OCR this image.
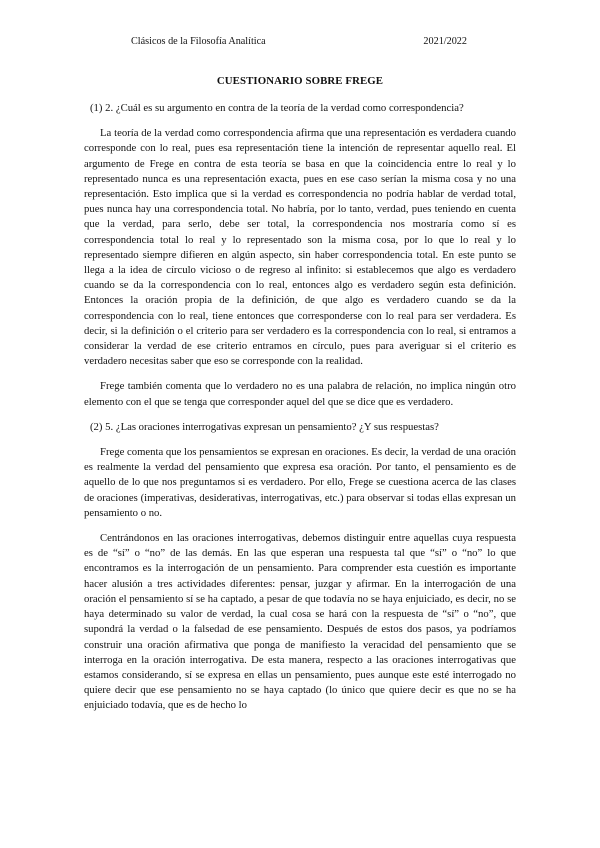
Clásicos de la Filosofía Analítica	2021/2022
CUESTIONARIO SOBRE FREGE

(1) 2. ¿Cuál es su argumento en contra de la teoría de la verdad como correspondencia?

La teoría de la verdad como correspondencia afirma que una representación es verdadera cuando corresponde con lo real, pues esa representación tiene la intención de representar aquello real. El argumento de Frege en contra de esta teoría se basa en que la coincidencia entre lo real y lo representado nunca es una representación exacta, pues en ese caso serían la misma cosa y no una representación. Esto implica que si la verdad es correspondencia no podría hablar de verdad total, pues nunca hay una correspondencia total. No habría, por lo tanto, verdad, pues teniendo en cuenta que la verdad, para serlo, debe ser total, la correspondencia nos mostraría como sí es correspondencia total lo real y lo representado son la misma cosa, por lo que lo real y lo representado siempre difieren en algún aspecto, sin haber correspondencia total. En este punto se llega a la idea de círculo vicioso o de regreso al infinito: si establecemos que algo es verdadero cuando se da la correspondencia con lo real, entonces algo es verdadero según esta definición. Entonces la oración propia de la definición, de que algo es verdadero cuando se da la correspondencia con lo real, tiene entonces que corresponderse con lo real para ser verdadera. Es decir, si la definición o el criterio para ser verdadero es la correspondencia con lo real, si entramos a considerar la verdad de ese criterio entramos en círculo, pues para averiguar si el criterio es verdadero necesitas saber que eso se corresponde con la realidad.

Frege también comenta que lo verdadero no es una palabra de relación, no implica ningún otro elemento con el que se tenga que corresponder aquel del que se dice que es verdadero.

(2) 5. ¿Las oraciones interrogativas expresan un pensamiento? ¿Y sus respuestas?

Frege comenta que los pensamientos se expresan en oraciones. Es decir, la verdad de una oración es realmente la verdad del pensamiento que expresa esa oración. Por tanto, el pensamiento es de aquello de lo que nos preguntamos si es verdadero. Por ello, Frege se cuestiona acerca de las clases de oraciones (imperativas, desiderativas, interrogativas, etc.) para observar si todas ellas expresan un pensamiento o no.

Centrándonos en las oraciones interrogativas, debemos distinguir entre aquellas cuya respuesta es de “sí” o “no” de las demás. En las que esperan una respuesta tal que “sí” o “no” lo que encontramos es la interrogación de un pensamiento. Para comprender esta cuestión es importante hacer alusión a tres actividades diferentes: pensar, juzgar y afirmar. En la interrogación de una oración el pensamiento sí se ha captado, a pesar de que todavía no se haya enjuiciado, es decir, no se haya determinado su valor de verdad, la cual cosa se hará con la respuesta de “sí” o “no”, que supondrá la verdad o la falsedad de ese pensamiento. Después de estos dos pasos, ya podríamos construir una oración afirmativa que ponga de manifiesto la veracidad del pensamiento que se interroga en la oración interrogativa. De esta manera, respecto a las oraciones interrogativas que estamos considerando, sí se expresa en ellas un pensamiento, pues aunque este esté interrogado no quiere decir que ese pensamiento no se haya captado (lo único que quiere decir es que no se ha enjuiciado todavía, que es de hecho lo
